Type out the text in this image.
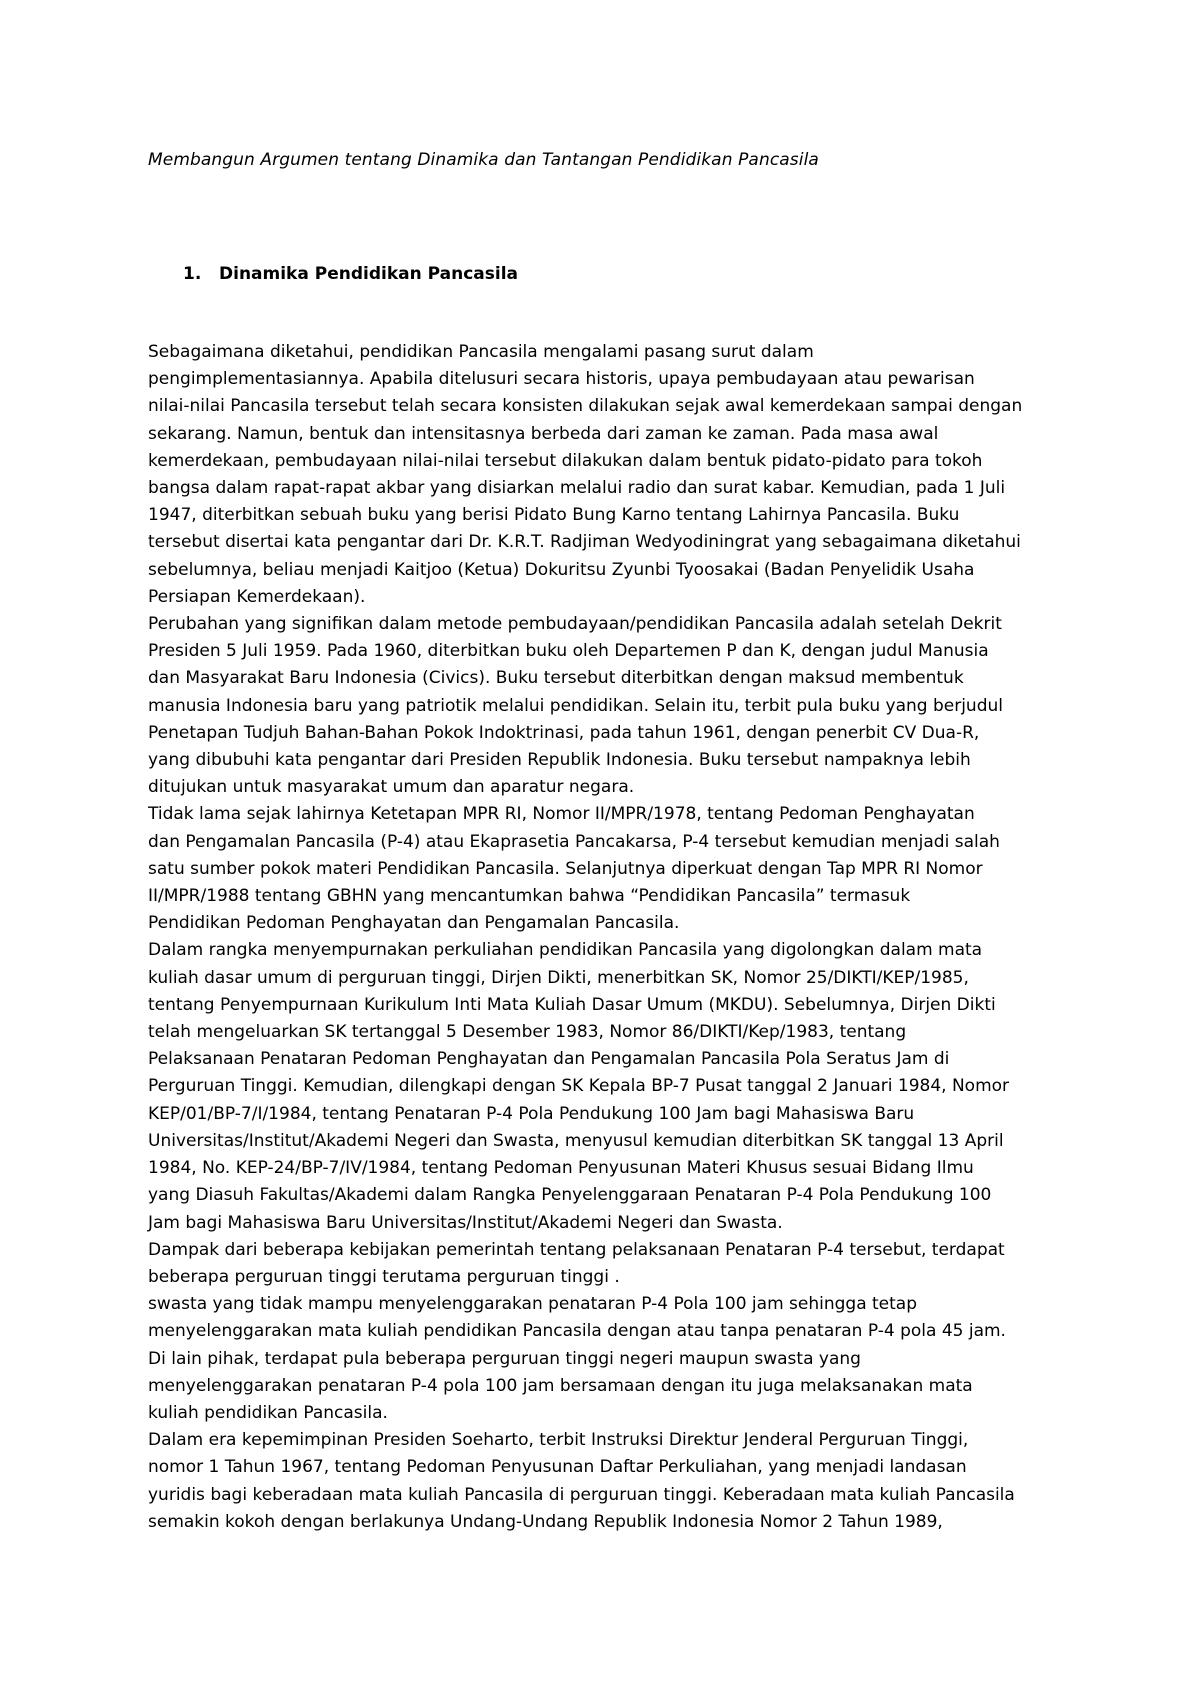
Membangun Argumen tentang Dinamika dan Tantangan Pendidikan Pancasila
1. Dinamika Pendidikan Pancasila

Sebagaimana diketahui, pendidikan Pancasila mengalami pasang surut dalam

pengimplementasiannya. Apabila ditelusuri secara historis, upaya pembudayaan atau pewarisan

nilai-nilai Pancasila tersebut telah secara konsisten dilakukan sejak awal kemerdekaan sampai dengan

sekarang. Namun, bentuk dan intensitasnya berbeda dari zaman ke zaman. Pada masa awal

kemerdekaan, pembudayaan nilai-nilai tersebut dilakukan dalam bentuk pidato-pidato para tokoh

bangsa dalam rapat-rapat akbar yang disiarkan melalui radio dan surat kabar. Kemudian, pada 1 Juli

1947, diterbitkan sebuah buku yang berisi Pidato Bung Karno tentang Lahirnya Pancasila. Buku

tersebut disertai kata pengantar dari Dr. K.R.T. Radjiman Wedyodiningrat yang sebagaimana diketahui

sebelumnya, beliau menjadi Kaitjoo (Ketua) Dokuritsu Zyunbi Tyoosakai (Badan Penyelidik Usaha

Persiapan Kemerdekaan).

Perubahan yang signifikan dalam metode pembudayaan/pendidikan Pancasila adalah setelah Dekrit

Presiden 5 Juli 1959. Pada 1960, diterbitkan buku oleh Departemen P dan K, dengan judul Manusia

dan Masyarakat Baru Indonesia (Civics). Buku tersebut diterbitkan dengan maksud membentuk

manusia Indonesia baru yang patriotik melalui pendidikan. Selain itu, terbit pula buku yang berjudul

Penetapan Tudjuh Bahan-Bahan Pokok Indoktrinasi, pada tahun 1961, dengan penerbit CV Dua-R,

yang dibubuhi kata pengantar dari Presiden Republik Indonesia. Buku tersebut nampaknya lebih

ditujukan untuk masyarakat umum dan aparatur negara.

Tidak lama sejak lahirnya Ketetapan MPR RI, Nomor II/MPR/1978, tentang Pedoman Penghayatan

dan Pengamalan Pancasila (P-4) atau Ekaprasetia Pancakarsa, P-4 tersebut kemudian menjadi salah

satu sumber pokok materi Pendidikan Pancasila. Selanjutnya diperkuat dengan Tap MPR RI Nomor

II/MPR/1988 tentang GBHN yang mencantumkan bahwa “Pendidikan Pancasila” termasuk

Pendidikan Pedoman Penghayatan dan Pengamalan Pancasila.

Dalam rangka menyempurnakan perkuliahan pendidikan Pancasila yang digolongkan dalam mata

kuliah dasar umum di perguruan tinggi, Dirjen Dikti, menerbitkan SK, Nomor 25/DIKTI/KEP/1985,

tentang Penyempurnaan Kurikulum Inti Mata Kuliah Dasar Umum (MKDU). Sebelumnya, Dirjen Dikti

telah mengeluarkan SK tertanggal 5 Desember 1983, Nomor 86/DIKTI/Kep/1983, tentang

Pelaksanaan Penataran Pedoman Penghayatan dan Pengamalan Pancasila Pola Seratus Jam di

Perguruan Tinggi. Kemudian, dilengkapi dengan SK Kepala BP-7 Pusat tanggal 2 Januari 1984, Nomor

KEP/01/BP-7/I/1984, tentang Penataran P-4 Pola Pendukung 100 Jam bagi Mahasiswa Baru

Universitas/Institut/Akademi Negeri dan Swasta, menyusul kemudian diterbitkan SK tanggal 13 April

1984, No. KEP-24/BP-7/IV/1984, tentang Pedoman Penyusunan Materi Khusus sesuai Bidang Ilmu

yang Diasuh Fakultas/Akademi dalam Rangka Penyelenggaraan Penataran P-4 Pola Pendukung 100

Jam bagi Mahasiswa Baru Universitas/Institut/Akademi Negeri dan Swasta.

Dampak dari beberapa kebijakan pemerintah tentang pelaksanaan Penataran P-4 tersebut, terdapat

beberapa perguruan tinggi terutama perguruan tinggi .

swasta yang tidak mampu menyelenggarakan penataran P-4 Pola 100 jam sehingga tetap

menyelenggarakan mata kuliah pendidikan Pancasila dengan atau tanpa penataran P-4 pola 45 jam.

Di lain pihak, terdapat pula beberapa perguruan tinggi negeri maupun swasta yang

menyelenggarakan penataran P-4 pola 100 jam bersamaan dengan itu juga melaksanakan mata

kuliah pendidikan Pancasila.

Dalam era kepemimpinan Presiden Soeharto, terbit Instruksi Direktur Jenderal Perguruan Tinggi,

nomor 1 Tahun 1967, tentang Pedoman Penyusunan Daftar Perkuliahan, yang menjadi landasan

yuridis bagi keberadaan mata kuliah Pancasila di perguruan tinggi. Keberadaan mata kuliah Pancasila

semakin kokoh dengan berlakunya Undang-Undang Republik Indonesia Nomor 2 Tahun 1989,
